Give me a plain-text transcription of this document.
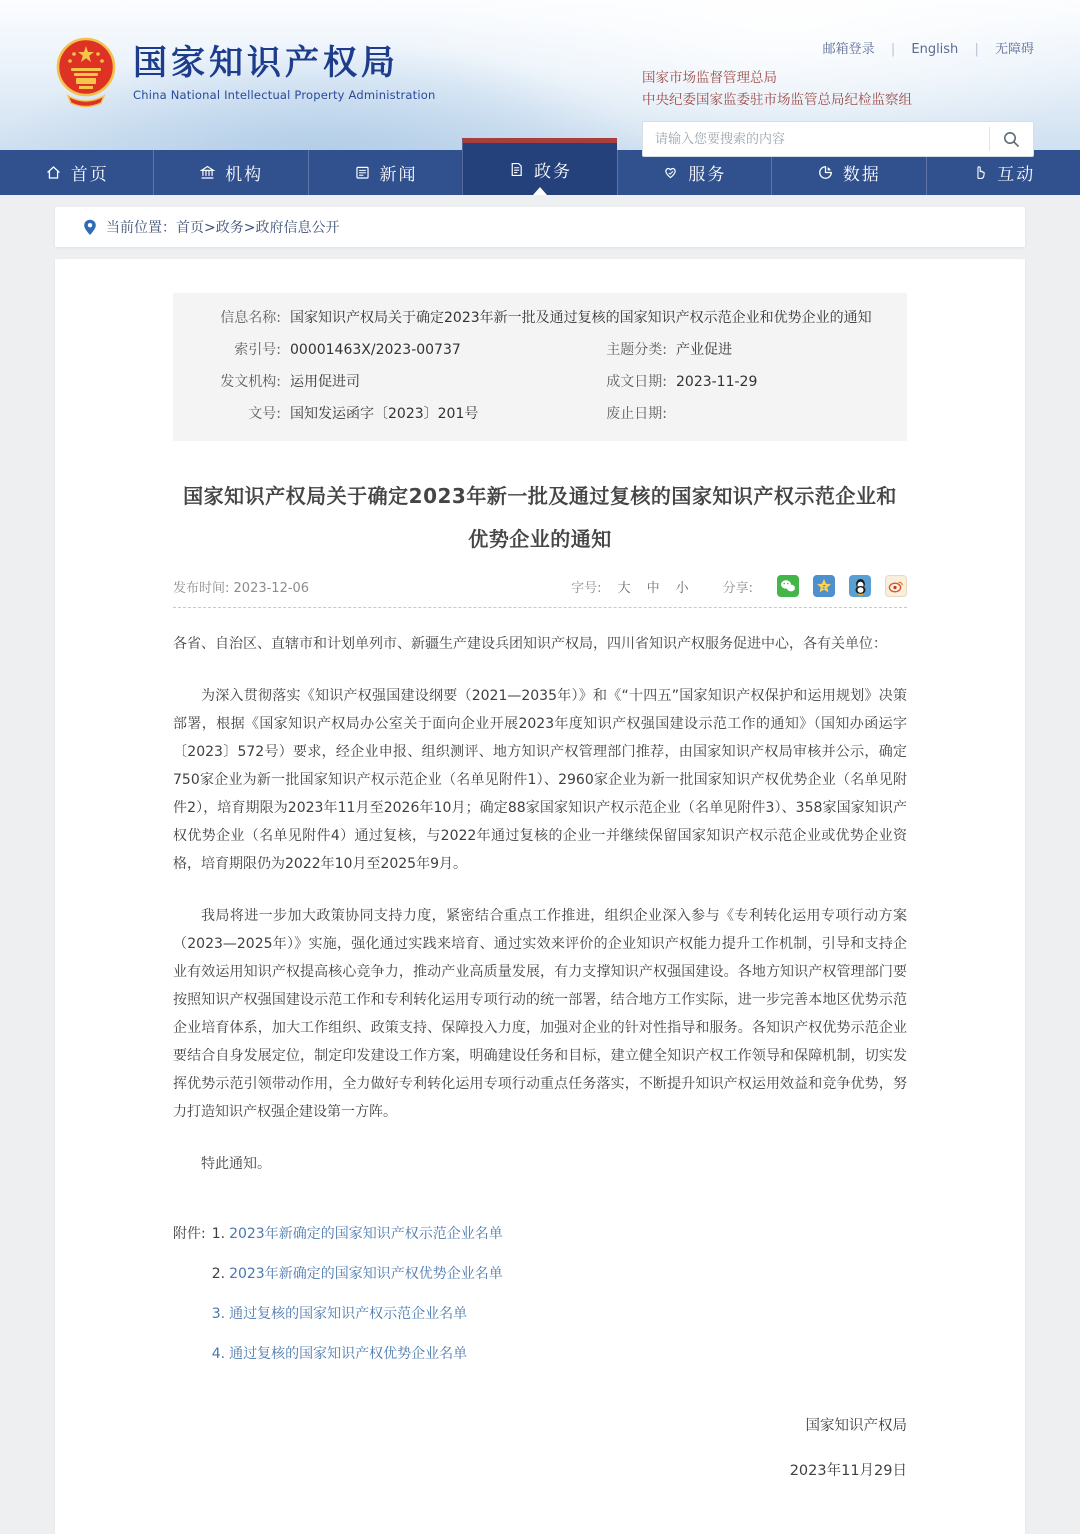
国家知识产权局
China National Intellectual Property Administration
邮箱登录 | English | 无障碍
国家市场监督管理总局
中央纪委国家监委驻市场监管总局纪检监察组
请输入您要搜索的内容
首页	机构	新闻	政务	服务	数据	互动
当前位置： 首页>政务>政府信息公开
信息名称: 国家知识产权局关于确定2023年新一批及通过复核的国家知识产权示范企业和优势企业的通知
索引号: 00001463X/2023-00737	主题分类: 产业促进
发文机构: 运用促进司	成文日期: 2023-11-29
文号: 国知发运函字〔2023〕201号	废止日期:
国家知识产权局关于确定2023年新一批及通过复核的国家知识产权示范企业和优势企业的通知
发布时间: 2023-12-06	字号: 大 中 小	分享:	z

各省、自治区、直辖市和计划单列市、新疆生产建设兵团知识产权局，四川省知识产权服务促进中心，各有关单位：

为深入贯彻落实《知识产权强国建设纲要（2021—2035年）》和《“十四五”国家知识产权保护和运用规划》决策部署，根据《国家知识产权局办公室关于面向企业开展2023年度知识产权强国建设示范工作的通知》（国知办函运字〔2023〕572号）要求，经企业申报、组织测评、地方知识产权管理部门推荐，由国家知识产权局审核并公示，确定750家企业为新一批国家知识产权示范企业（名单见附件1）、2960家企业为新一批国家知识产权优势企业（名单见附件2），培育期限为2023年11月至2026年10月；确定88家国家知识产权示范企业（名单见附件3）、358家国家知识产权优势企业（名单见附件4）通过复核，与2022年通过复核的企业一并继续保留国家知识产权示范企业或优势企业资格，培育期限仍为2022年10月至2025年9月。

我局将进一步加大政策协同支持力度，紧密结合重点工作推进，组织企业深入参与《专利转化运用专项行动方案（2023—2025年）》实施，强化通过实践来培育、通过实效来评价的企业知识产权能力提升工作机制，引导和支持企业有效运用知识产权提高核心竞争力，推动产业高质量发展，有力支撑知识产权强国建设。各地方知识产权管理部门要按照知识产权强国建设示范工作和专利转化运用专项行动的统一部署，结合地方工作实际，进一步完善本地区优势示范企业培育体系，加大工作组织、政策支持、保障投入力度，加强对企业的针对性指导和服务。各知识产权优势示范企业要结合自身发展定位，制定印发建设工作方案，明确建设任务和目标，建立健全知识产权工作领导和保障机制，切实发挥优势示范引领带动作用，全力做好专利转化运用专项行动重点任务落实，不断提升知识产权运用效益和竞争优势，努力打造知识产权强企建设第一方阵。

特此通知。

附件: 1. 2023年新确定的国家知识产权示范企业名单
2. 2023年新确定的国家知识产权优势企业名单
3. 通过复核的国家知识产权示范企业名单
4. 通过复核的国家知识产权优势企业名单
国家知识产权局
2023年11月29日
